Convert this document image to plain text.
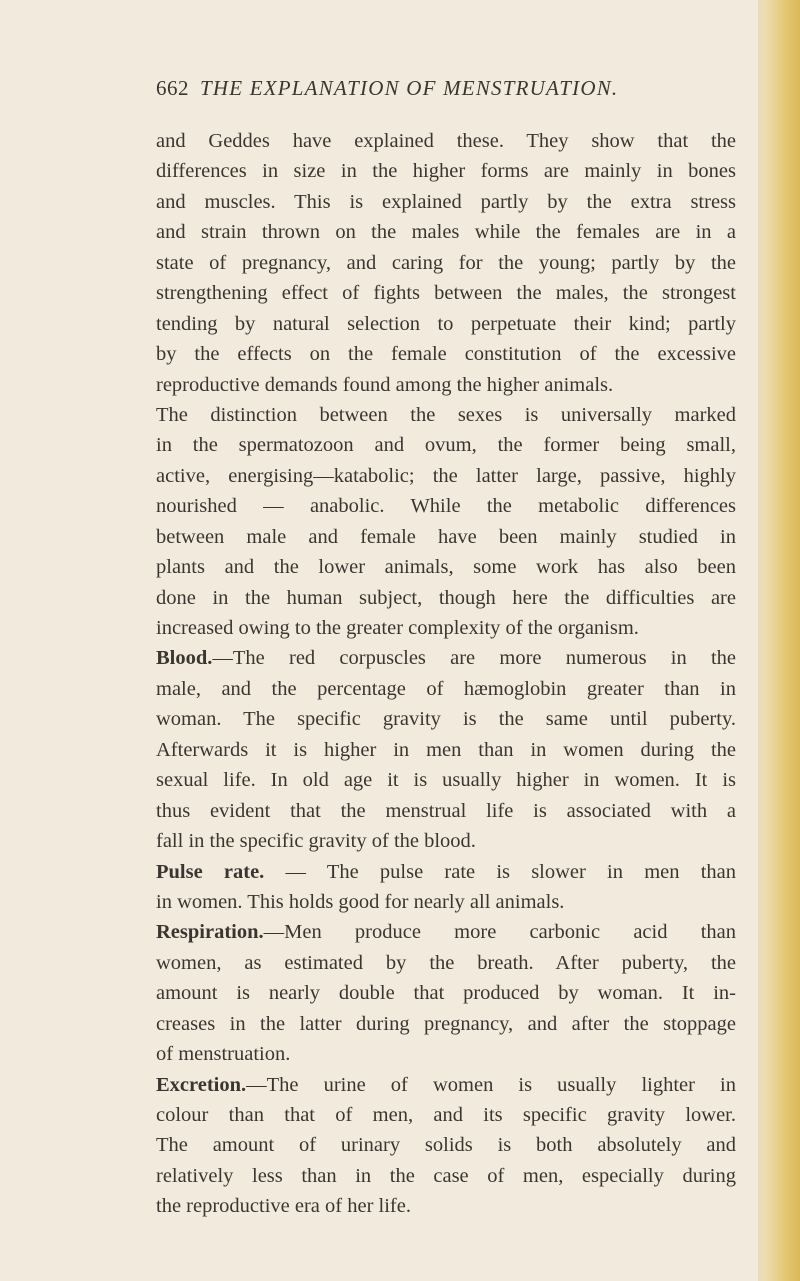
662 THE EXPLANATION OF MENSTRUATION.
and Geddes have explained these. They show that the
differences in size in the higher forms are mainly in bones
and muscles. This is explained partly by the extra stress
and strain thrown on the males while the females are in a
state of pregnancy, and caring for the young; partly by the
strengthening effect of fights between the males, the strongest
tending by natural selection to perpetuate their kind; partly
by the effects on the female constitution of the excessive
reproductive demands found among the higher animals.
The distinction between the sexes is universally marked
in the spermatozoon and ovum, the former being small,
active, energising—katabolic; the latter large, passive, highly
nourished — anabolic. While the metabolic differences
between male and female have been mainly studied in
plants and the lower animals, some work has also been
done in the human subject, though here the difficulties are
increased owing to the greater complexity of the organism.
Blood.—The red corpuscles are more numerous in the
male, and the percentage of hæmoglobin greater than in
woman. The specific gravity is the same until puberty.
Afterwards it is higher in men than in women during the
sexual life. In old age it is usually higher in women. It is
thus evident that the menstrual life is associated with a
fall in the specific gravity of the blood.
Pulse rate. — The pulse rate is slower in men than
in women. This holds good for nearly all animals.
Respiration.—Men produce more carbonic acid than
women, as estimated by the breath. After puberty, the
amount is nearly double that produced by woman. It in-
creases in the latter during pregnancy, and after the stoppage
of menstruation.
Excretion.—The urine of women is usually lighter in
colour than that of men, and its specific gravity lower.
The amount of urinary solids is both absolutely and
relatively less than in the case of men, especially during
the reproductive era of her life.
